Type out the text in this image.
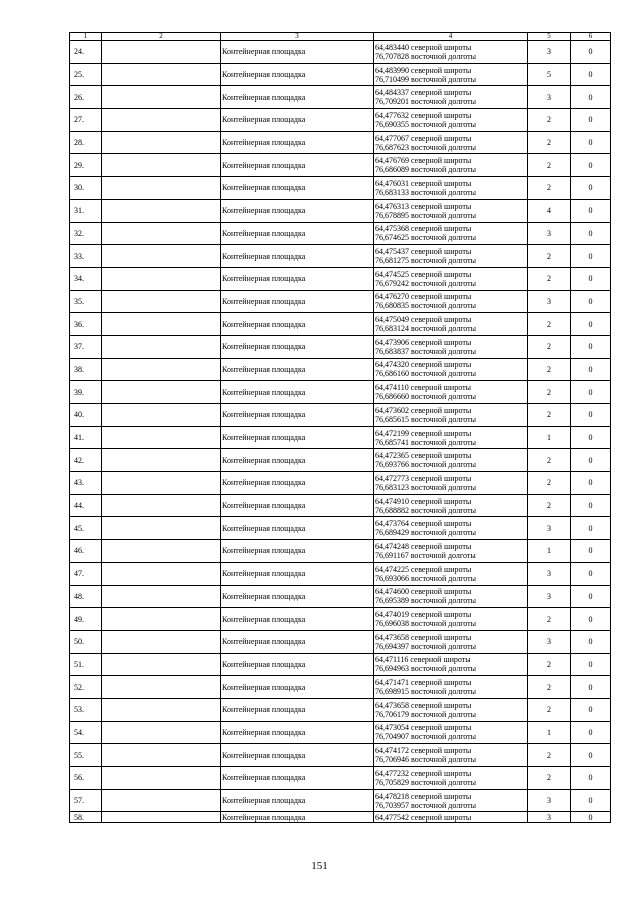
1	2	3	4	5	6
24.		Контейнерная площадка	64,483440 северной широты
76,707828 восточной долготы	3	0
25.		Контейнерная площадка	64,483990 северной широты
76,710499 восточной долготы	5	0
26.		Контейнерная площадка	64,484337 северной широты
76,709201 восточной долготы	3	0
27.		Контейнерная площадка	64,477632 северной широты
76,690355 восточной долготы	2	0
28.		Контейнерная площадка	64,477067 северной широты
76,687623 восточной долготы	2	0
29.		Контейнерная площадка	64,476769 северной широты
76,686089 восточной долготы	2	0
30.		Контейнерная площадка	64,476031 северной широты
76,683133 восточной долготы	2	0
31.		Контейнерная площадка	64,476313 северной широты
76,678895 восточной долготы	4	0
32.		Контейнерная площадка	64,475368 северной широты
76,674625 восточной долготы	3	0
33.		Контейнерная площадка	64,475437 северной широты
76,681275 восточной долготы	2	0
34.		Контейнерная площадка	64,474525 северной широты
76,679242 восточной долготы	2	0
35.		Контейнерная площадка	64,476270 северной широты
76,680835 восточной долготы	3	0
36.		Контейнерная площадка	64,475049 северной широты
76,683124 восточной долготы	2	0
37.		Контейнерная площадка	64,473906 северной широты
76,683837 восточной долготы	2	0
38.		Контейнерная площадка	64,474320 северной широты
76,686160 восточной долготы	2	0
39.		Контейнерная площадка	64,474110 северной широты
76,686660 восточной долготы	2	0
40.		Контейнерная площадка	64,473602 северной широты
76,685615 восточной долготы	2	0
41.		Контейнерная площадка	64,472199 северной широты
76,685741 восточной долготы	1	0
42.		Контейнерная площадка	64,472365 северной широты
76,693766 восточной долготы	2	0
43.		Контейнерная площадка	64,472773 северной широты
76,683123 восточной долготы	2	0
44.		Контейнерная площадка	64,474910 северной широты
76,688882 восточной долготы	2	0
45.		Контейнерная площадка	64,473764 северной широты
76,689429 восточной долготы	3	0
46.		Контейнерная площадка	64,474248 северной широты
76,691167 восточной долготы	1	0
47.		Контейнерная площадка	64,474225 северной широты
76,693066 восточной долготы	3	0
48.		Контейнерная площадка	64,474600 северной широты
76,695389 восточной долготы	3	0
49.		Контейнерная площадка	64,474019 северной широты
76,696038 восточной долготы	2	0
50.		Контейнерная площадка	64,473658 северной широты
76,694397 восточной долготы	3	0
51.		Контейнерная площадка	64,471116 северной широты
76,694963 восточной долготы	2	0
52.		Контейнерная площадка	64,471471 северной широты
76,698915 восточной долготы	2	0
53.		Контейнерная площадка	64,473658 северной широты
76,706179 восточной долготы	2	0
54.		Контейнерная площадка	64,473054 северной широты
76,704907 восточной долготы	1	0
55.		Контейнерная площадка	64,474172 северной широты
76,706946 восточной долготы	2	0
56.		Контейнерная площадка	64,477232 северной широты
76,705829 восточной долготы	2	0
57.		Контейнерная площадка	64,478218 северной широты
76,703957 восточной долготы	3	0
58.		Контейнерная площадка	64,477542 северной широты	3	0
151
